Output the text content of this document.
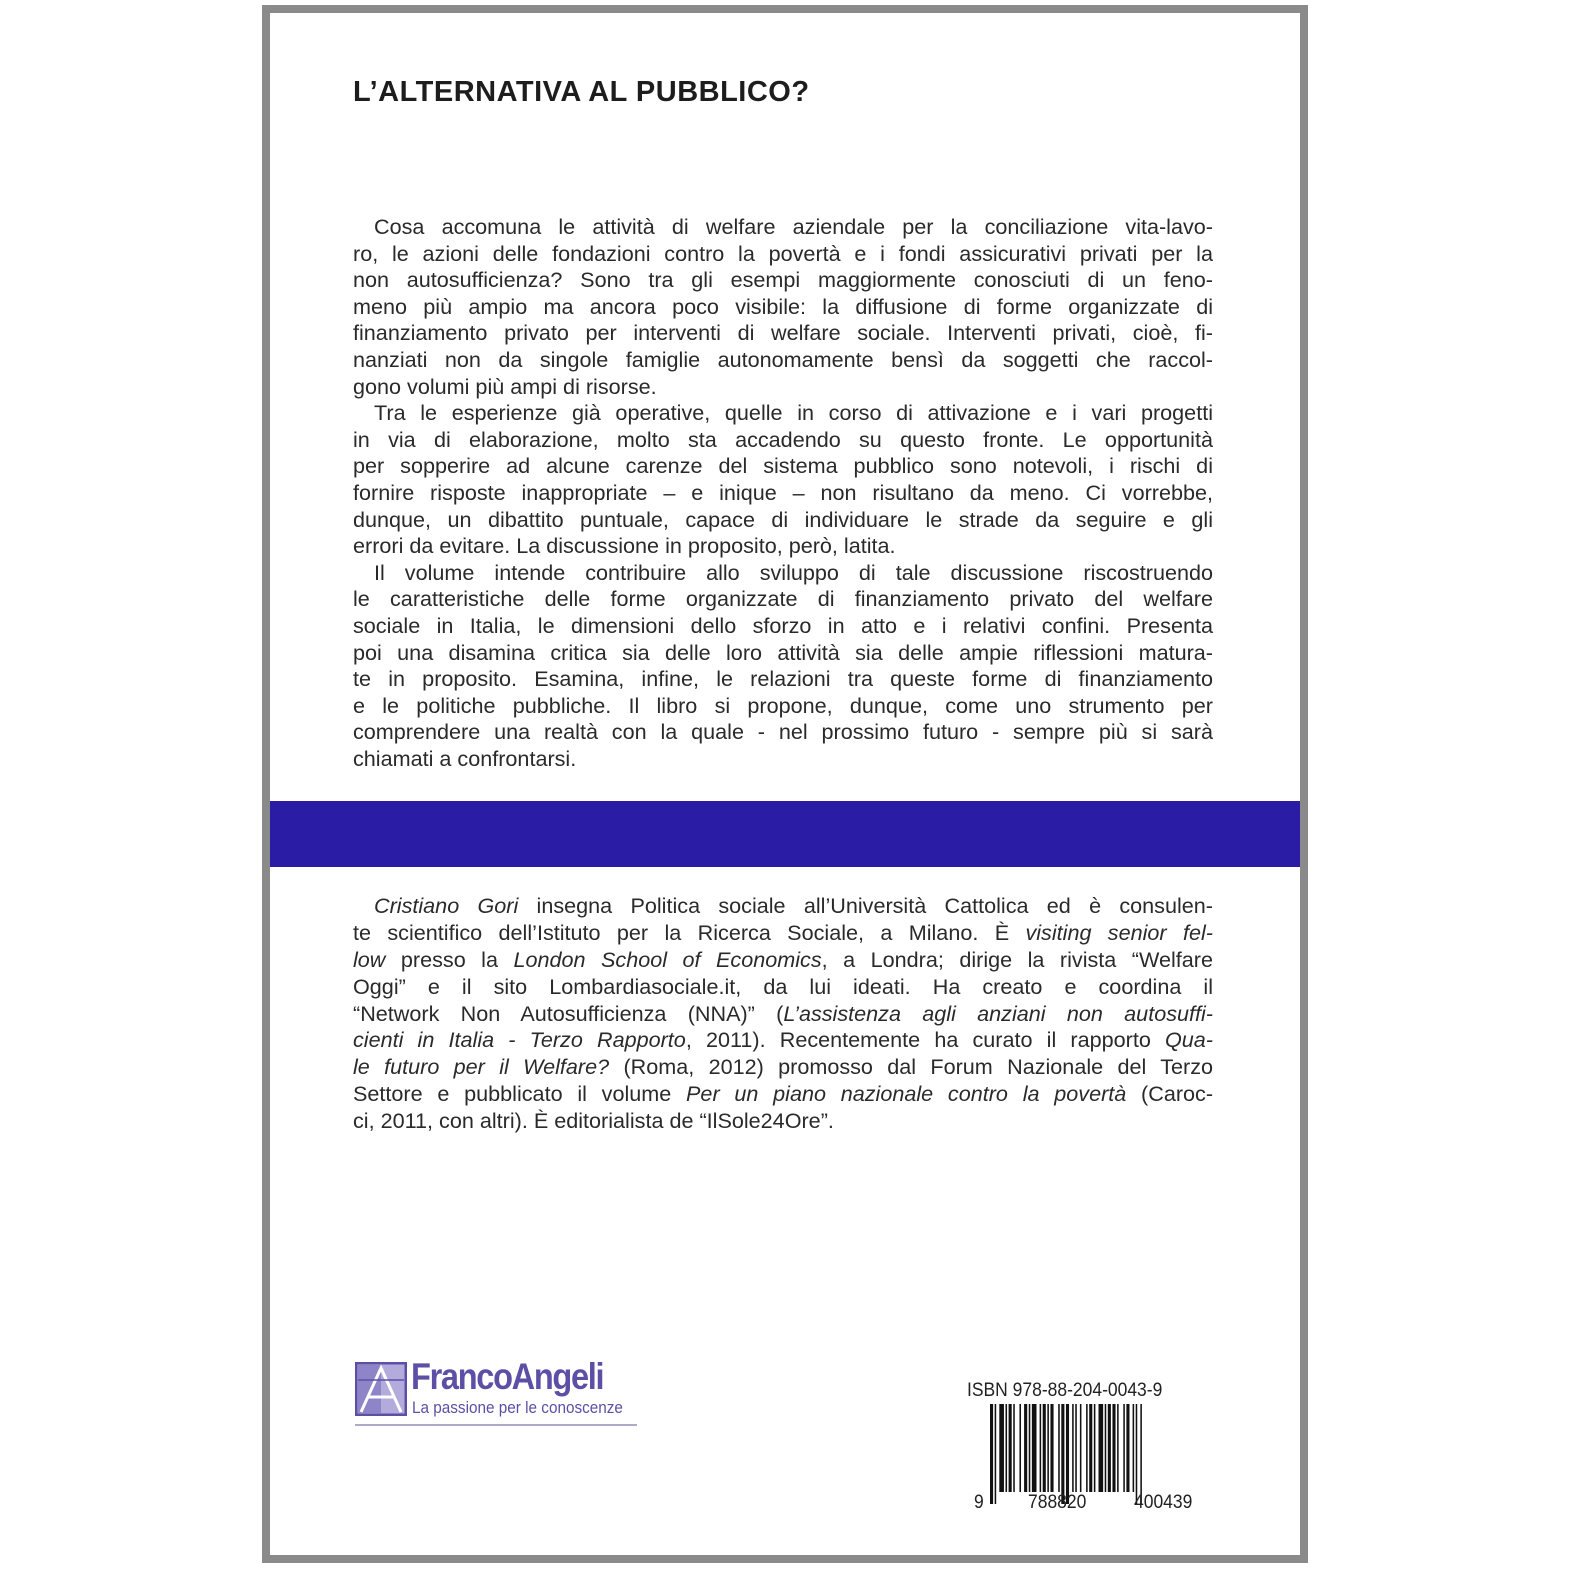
L’ALTERNATIVA AL PUBBLICO?
Cosa accomuna le attività di welfare aziendale per la conciliazione vita-lavo-
ro, le azioni delle fondazioni contro la povertà e i fondi assicurativi privati per la
non autosufficienza? Sono tra gli esempi maggiormente conosciuti di un feno-
meno più ampio ma ancora poco visibile: la diffusione di forme organizzate di
finanziamento privato per interventi di welfare sociale. Interventi privati, cioè, fi-
nanziati non da singole famiglie autonomamente bensì da soggetti che raccol-
gono volumi più ampi di risorse.
Tra le esperienze già operative, quelle in corso di attivazione e i vari progetti
in via di elaborazione, molto sta accadendo su questo fronte. Le opportunità
per sopperire ad alcune carenze del sistema pubblico sono notevoli, i rischi di
fornire risposte inappropriate – e inique – non risultano da meno. Ci vorrebbe,
dunque, un dibattito puntuale, capace di individuare le strade da seguire e gli
errori da evitare. La discussione in proposito, però, latita.
Il volume intende contribuire allo sviluppo di tale discussione riscostruendo
le caratteristiche delle forme organizzate di finanziamento privato del welfare
sociale in Italia, le dimensioni dello sforzo in atto e i relativi confini. Presenta
poi una disamina critica sia delle loro attività sia delle ampie riflessioni matura-
te in proposito. Esamina, infine, le relazioni tra queste forme di finanziamento
e le politiche pubbliche. Il libro si propone, dunque, come uno strumento per
comprendere una realtà con la quale - nel prossimo futuro - sempre più si sarà
chiamati a confrontarsi.
Cristiano Gori insegna Politica sociale all’Università Cattolica ed è consulen-
te scientifico dell’Istituto per la Ricerca Sociale, a Milano. È visiting senior fel-
low presso la London School of Economics, a Londra; dirige la rivista “Welfare
Oggi” e il sito Lombardiasociale.it, da lui ideati. Ha creato e coordina il
“Network Non Autosufficienza (NNA)” (L’assistenza agli anziani non autosuffi-
cienti in Italia - Terzo Rapporto, 2011). Recentemente ha curato il rapporto Qua-
le futuro per il Welfare? (Roma, 2012) promosso dal Forum Nazionale del Terzo
Settore e pubblicato il volume Per un piano nazionale contro la povertà (Caroc-
ci, 2011, con altri). È editorialista de “IlSole24Ore”.
FrancoAngeli
La passione per le conoscenze
ISBN 978-88-204-0043-9
9 788820	400439
